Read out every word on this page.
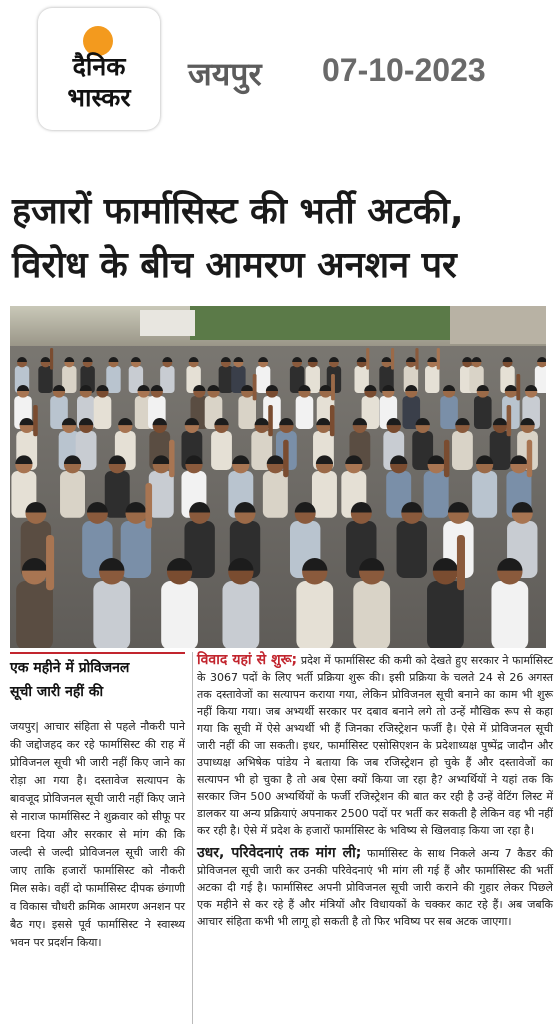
दैनिक
भास्कर
जयपुर 07-10-2023
हजारों फार्मासिस्ट की भर्ती अटकी,
विरोध के बीच आमरण अनशन पर
एक महीने में प्रोविजनल
सूची जारी नहीं की

जयपुर| आचार संहिता से पहले नौकरी पाने की जद्दोजहद कर रहे फार्मासिस्ट की राह में प्रोविजनल सूची भी जारी नहीं किए जाने का रोड़ा आ गया है। दस्तावेज सत्यापन के बावजूद प्रोविजनल सूची जारी नहीं किए जाने से नाराज फार्मासिस्ट ने शुक्रवार को सीफू पर धरना दिया और सरकार से मांग की कि जल्दी से जल्दी प्रोविजनल सूची जारी की जाए ताकि हजारों फार्मासिस्ट को नौकरी मिल सके। वहीं दो फार्मासिस्ट दीपक छंगाणी व विकास चौधरी क्रमिक आमरण अनशन पर बैठ गए। इससे पूर्व फार्मासिस्ट ने स्वास्थ्य भवन पर प्रदर्शन किया।

विवाद यहां से शुरू; प्रदेश में फार्मासिस्ट की कमी को देखते हुए सरकार ने फार्मासिस्ट के 3067 पदों के लिए भर्ती प्रक्रिया शुरू की। इसी प्रक्रिया के चलते 24 से 26 अगस्त तक दस्तावेजों का सत्यापन कराया गया, लेकिन प्रोविजनल सूची बनाने का काम भी शुरू नहीं किया गया। जब अभ्यर्थी सरकार पर दबाव बनाने लगे तो उन्हें मौखिक रूप से कहा गया कि सूची में ऐसे अभ्यर्थी भी हैं जिनका रजिस्ट्रेशन फर्जी है। ऐसे में प्रोविजनल सूची जारी नहीं की जा सकती। इधर, फार्मासिस्ट एसोसिएशन के प्रदेशाध्यक्ष पुष्पेंद्र जादौन और उपाध्यक्ष अभिषेक पांडेय ने बताया कि जब रजिस्ट्रेशन हो चुके हैं और दस्तावेजों का सत्यापन भी हो चुका है तो अब ऐसा क्यों किया जा रहा है? अभ्यर्थियों ने यहां तक कि सरकार जिन 500 अभ्यर्थियों के फर्जी रजिस्ट्रेशन की बात कर रही है उन्हें वेटिंग लिस्ट में डालकर या अन्य प्रक्रियाएं अपनाकर 2500 पदों पर भर्ती कर सकती है लेकिन वह भी नहीं कर रही है। ऐसे में प्रदेश के हजारों फार्मासिस्ट के भविष्य से खिलवाड़ किया जा रहा है।

उधर, परिवेदनाएं तक मांग ली; फार्मासिस्ट के साथ निकले अन्य 7 कैडर की प्रोविजनल सूची जारी कर उनकी परिवेदनाएं भी मांग ली गई हैं और फार्मासिस्ट की भर्ती अटका दी गई है। फार्मासिस्ट अपनी प्रोविजनल सूची जारी कराने की गुहार लेकर पिछले एक महीने से कर रहे हैं और मंत्रियों और विधायकों के चक्कर काट रहे हैं। अब जबकि आचार संहिता कभी भी लागू हो सकती है तो फिर भविष्य पर सब अटक जाएगा।
